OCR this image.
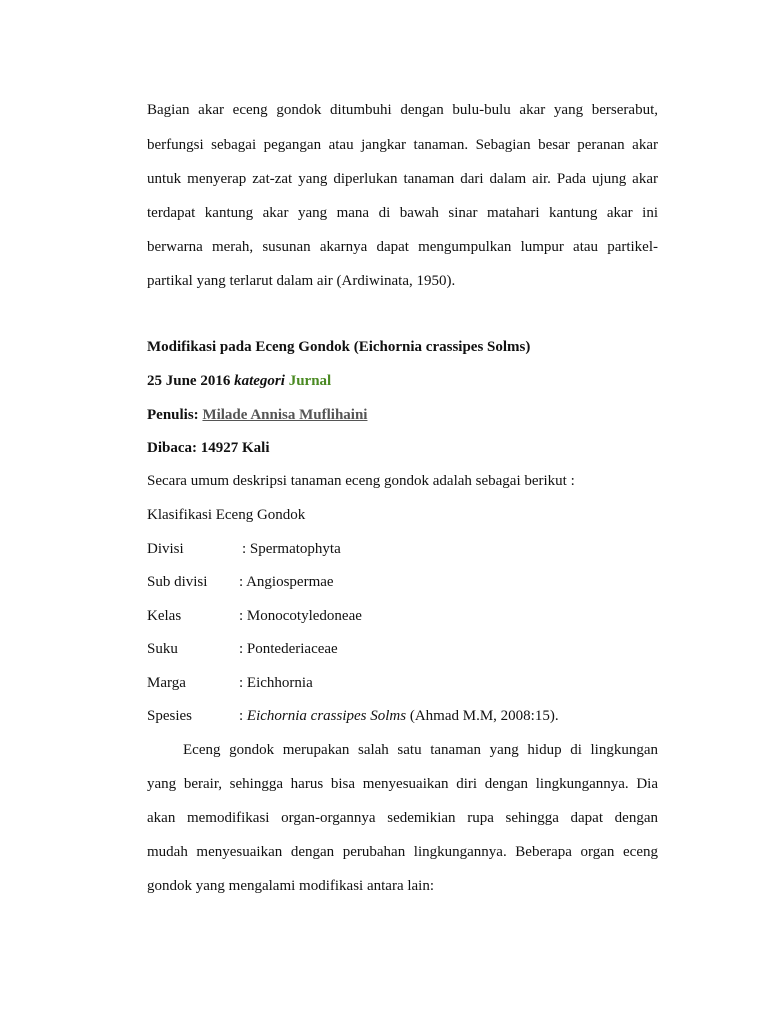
Bagian akar eceng gondok ditumbuhi dengan bulu-bulu akar yang berserabut,
berfungsi sebagai pegangan atau jangkar tanaman. Sebagian besar peranan akar
untuk menyerap zat-zat yang diperlukan tanaman dari dalam air. Pada ujung akar
terdapat kantung akar yang mana di bawah sinar matahari kantung akar ini
berwarna merah, susunan akarnya dapat mengumpulkan lumpur atau partikel-
partikal yang terlarut dalam air (Ardiwinata, 1950).
Modifikasi pada Eceng Gondok (Eichornia crassipes Solms)
25 June 2016 kategori Jurnal
Penulis: Milade Annisa Muflihaini
Dibaca: 14927 Kali
Secara umum deskripsi tanaman eceng gondok adalah sebagai berikut :
Klasifikasi Eceng Gondok
Divisi	: Spermatophyta
Sub divisi : Angiospermae
Kelas	: Monocotyledoneae
Suku	: Pontederiaceae
Marga	: Eichhornia
Spesies	: Eichornia crassipes Solms (Ahmad M.M, 2008:15).
Eceng gondok merupakan salah satu tanaman yang hidup di lingkungan
yang berair, sehingga harus bisa menyesuaikan diri dengan lingkungannya. Dia
akan memodifikasi organ-organnya sedemikian rupa sehingga dapat dengan
mudah menyesuaikan dengan perubahan lingkungannya. Beberapa organ eceng
gondok yang mengalami modifikasi antara lain:
